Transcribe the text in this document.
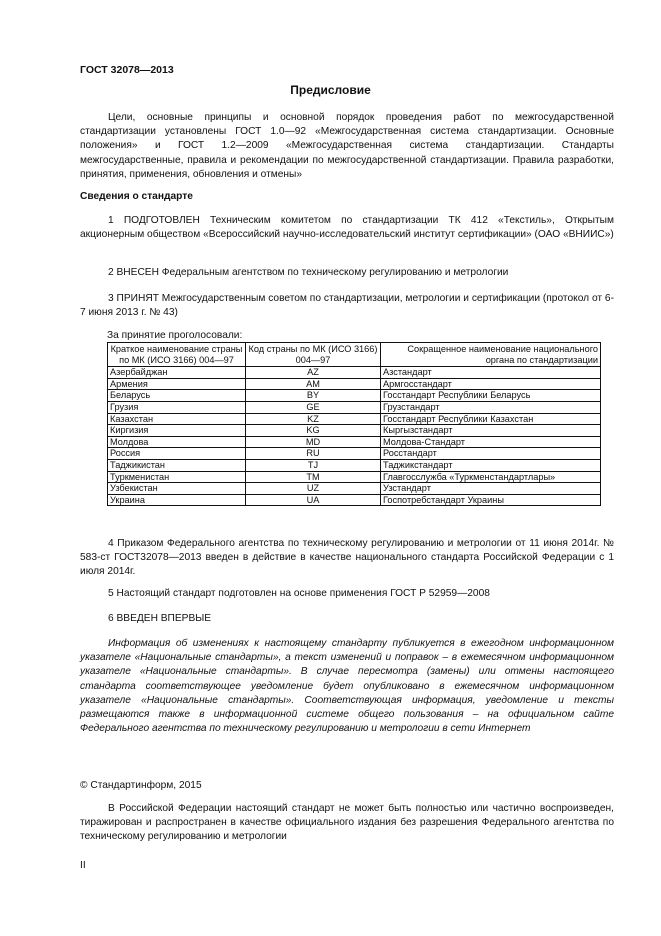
ГОСТ 32078—2013
Предисловие
Цели, основные принципы и основной порядок проведения работ по межгосударственной стандартизации установлены ГОСТ 1.0—92 «Межгосударственная система стандартизации. Основные положения» и ГОСТ 1.2—2009 «Межгосударственная система стандартизации. Стандарты межгосударственные, правила и рекомендации по межгосударственной стандартизации. Правила разработки, принятия, применения, обновления и отмены»
Сведения о стандарте
1 ПОДГОТОВЛЕН Техническим комитетом по стандартизации ТК 412 «Текстиль», Открытым акционерным обществом «Всероссийский научно-исследовательский институт сертификации» (ОАО «ВНИИС»)
2 ВНЕСЕН Федеральным агентством по техническому регулированию и метрологии
3 ПРИНЯТ Межгосударственным советом по стандартизации, метрологии и сертификации (протокол от 6-7 июня 2013 г. № 43)
За принятие проголосовали:
Краткое наименование страны по МК (ИСО 3166) 004—97	Код страны по МК (ИСО 3166) 004—97	Сокращенное наименование национального органа по стандартизации
Азербайджан	AZ	Азстандарт
Армения	AM	Армгосстандарт
Беларусь	BY	Госстандарт Республики Беларусь
Грузия	GE	Грузстандарт
Казахстан	KZ	Госстандарт Республики Казахстан
Киргизия	KG	Кыргызстандарт
Молдова	MD	Молдова-Стандарт
Россия	RU	Росстандарт
Таджикистан	TJ	Таджикстандарт
Туркменистан	TM	Главгосслужба «Туркменстандартлары»
Узбекистан	UZ	Узстандарт
Украина	UA	Госпотребстандарт Украины
4 Приказом Федерального агентства по техническому регулированию и метрологии от 11 июня 2014г. № 583-ст ГОСТ32078—2013 введен в действие в качестве национального стандарта Российской Федерации с 1 июля 2014г.
5 Настоящий стандарт подготовлен на основе применения ГОСТ Р 52959—2008
6 ВВЕДЕН ВПЕРВЫЕ
Информация об изменениях к настоящему стандарту публикуется в ежегодном информационном указателе «Национальные стандарты», а текст изменений и поправок – в ежемесячном информационном указателе «Национальные стандарты». В случае пересмотра (замены) или отмены настоящего стандарта соответствующее уведомление будет опубликовано в ежемесячном информационном указателе «Национальные стандарты». Соответствующая информация, уведомление и тексты размещаются также в информационной системе общего пользования – на официальном сайте Федерального агентства по техническому регулированию и метрологии в сети Интернет
© Стандартинформ, 2015
В Российской Федерации настоящий стандарт не может быть полностью или частично воспроизведен, тиражирован и распространен в качестве официального издания без разрешения Федерального агентства по техническому регулированию и метрологии
II
